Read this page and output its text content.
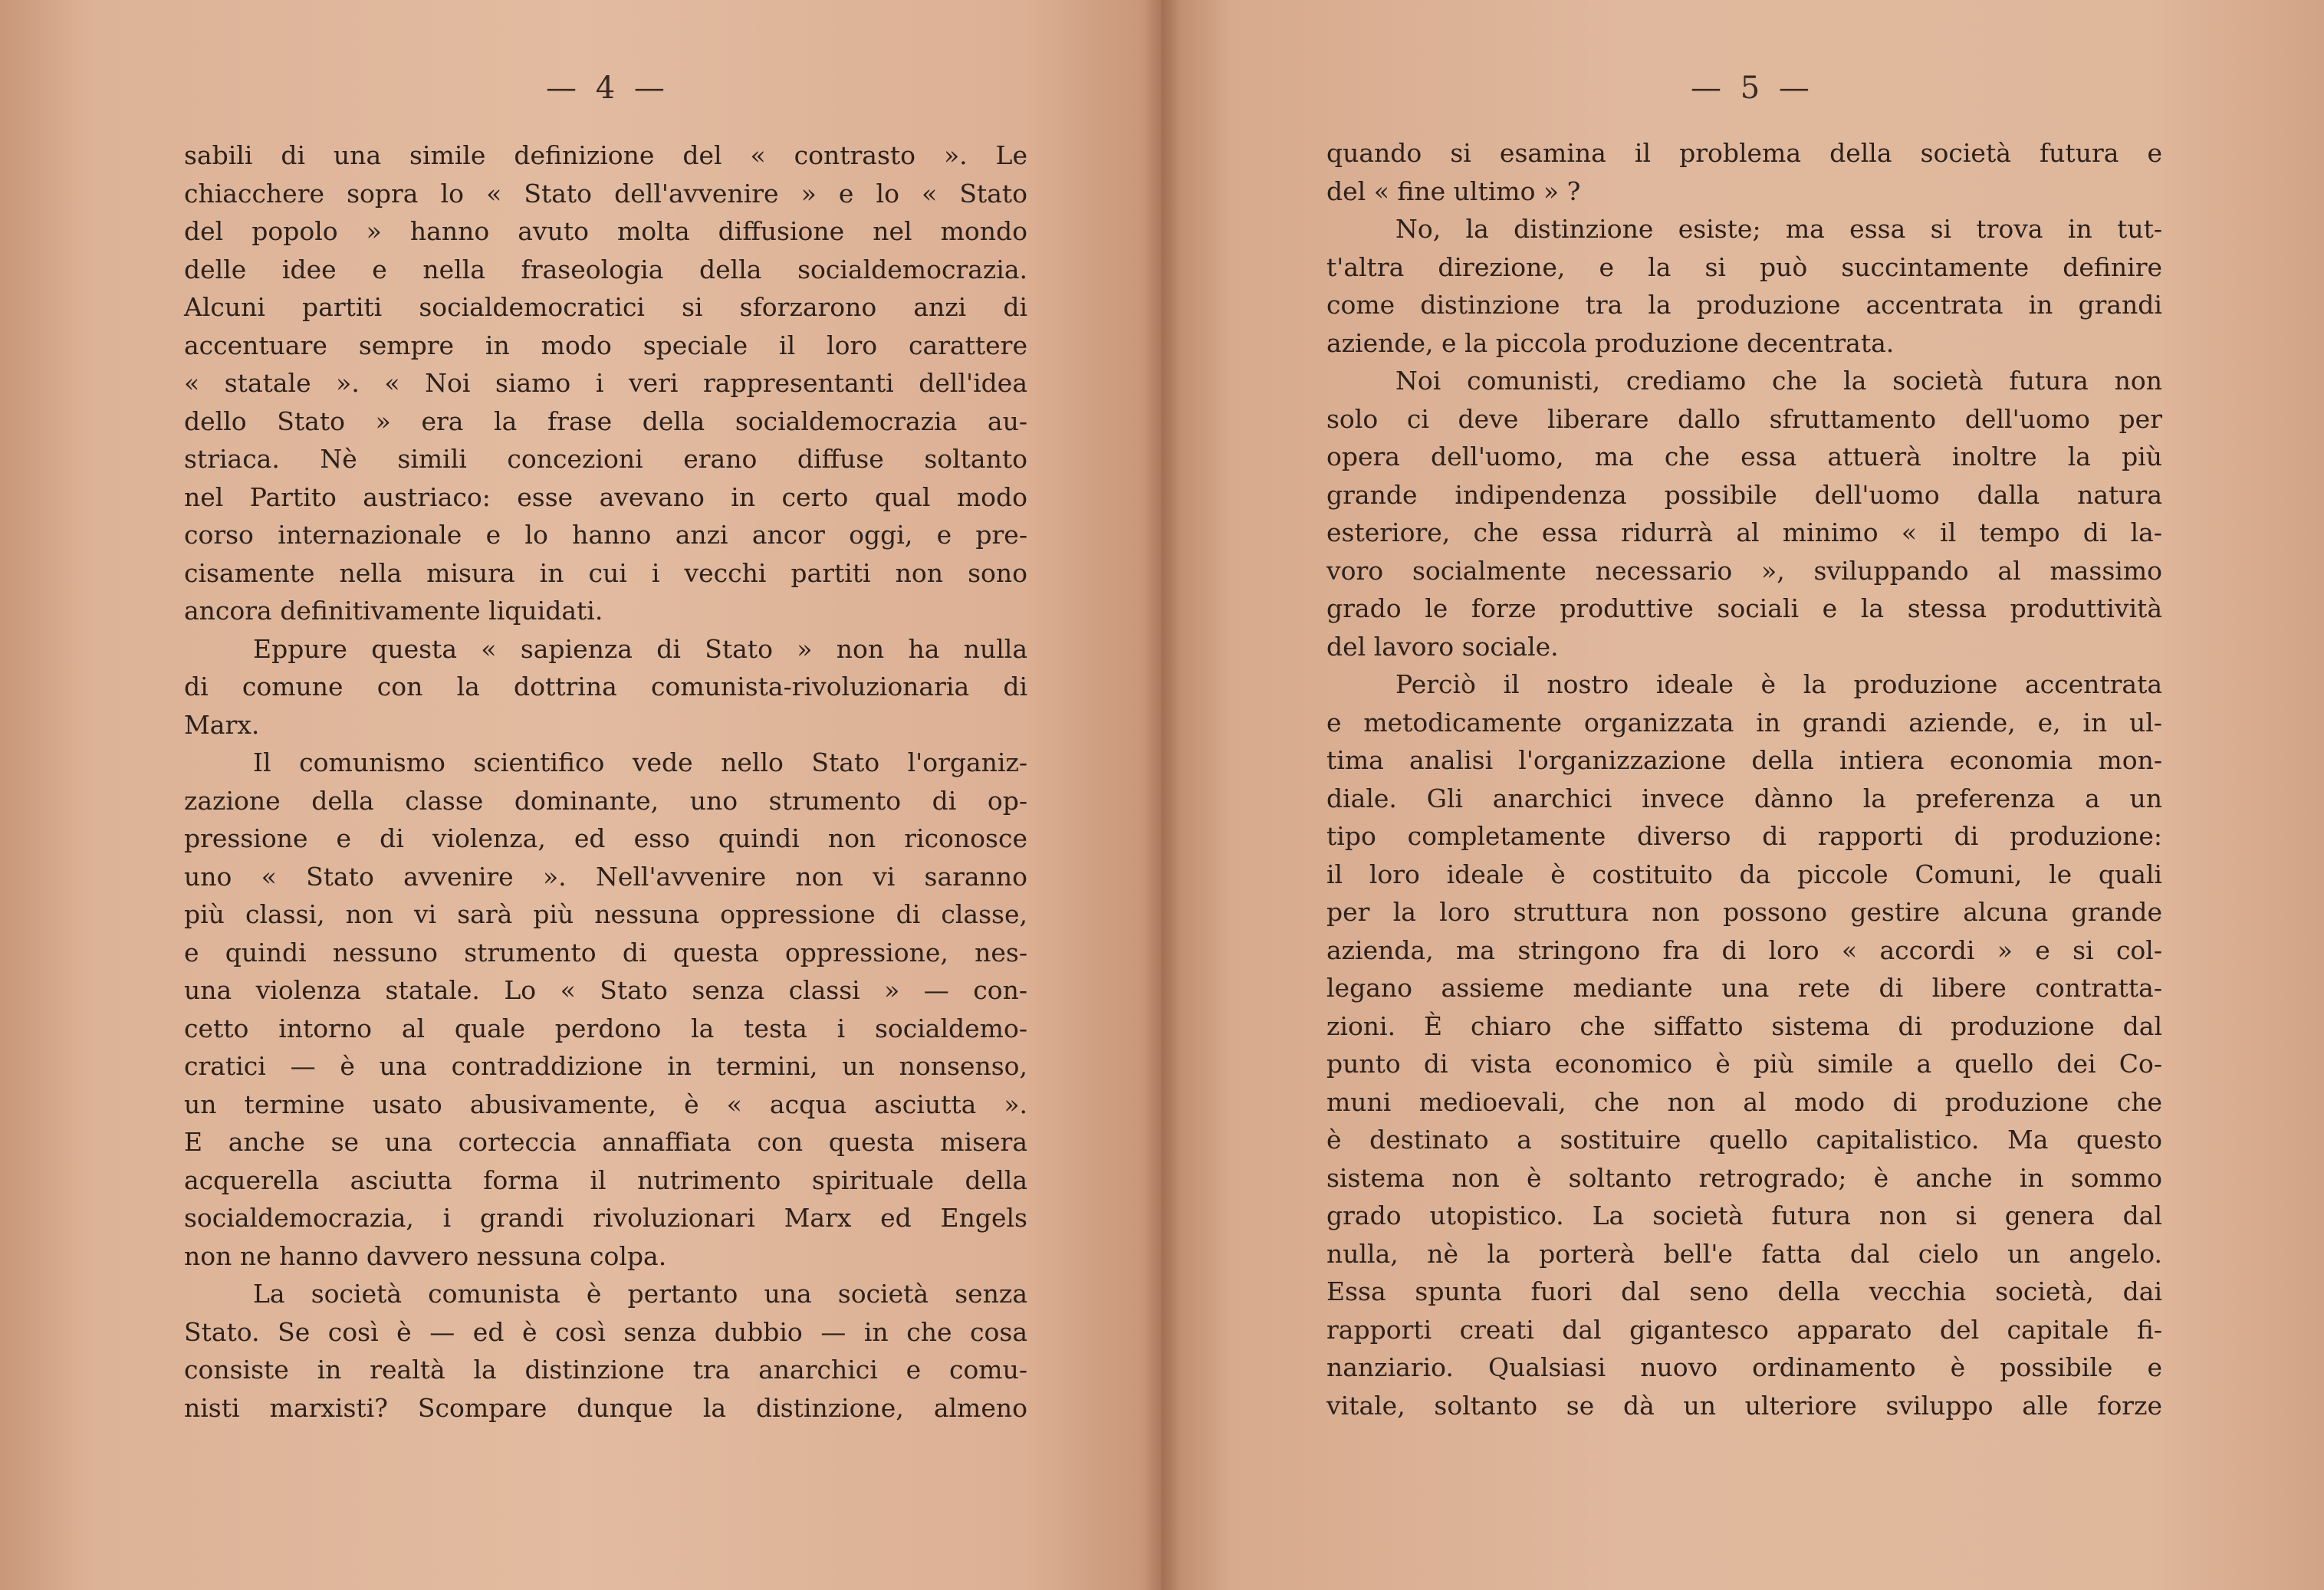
— 4 —
sabili di una simile definizione del « contrasto ». Le
chiacchere sopra lo « Stato dell'avvenire » e lo « Stato
del popolo » hanno avuto molta diffusione nel mondo
delle idee e nella fraseologia della socialdemocrazia.
Alcuni partiti socialdemocratici si sforzarono anzi di
accentuare sempre in modo speciale il loro carattere
« statale ». « Noi siamo i veri rappresentanti dell'idea
dello Stato » era la frase della socialdemocrazia au-
striaca. Nè simili concezioni erano diffuse soltanto
nel Partito austriaco: esse avevano in certo qual modo
corso internazionale e lo hanno anzi ancor oggi, e pre-
cisamente nella misura in cui i vecchi partiti non sono
ancora definitivamente liquidati.
Eppure questa « sapienza di Stato » non ha nulla
di comune con la dottrina comunista-rivoluzionaria di
Marx.
Il comunismo scientifico vede nello Stato l'organiz-
zazione della classe dominante, uno strumento di op-
pressione e di violenza, ed esso quindi non riconosce
uno « Stato avvenire ». Nell'avvenire non vi saranno
più classi, non vi sarà più nessuna oppressione di classe,
e quindi nessuno strumento di questa oppressione, nes-
una violenza statale. Lo « Stato senza classi » — con-
cetto intorno al quale perdono la testa i socialdemo-
cratici — è una contraddizione in termini, un nonsenso,
un termine usato abusivamente, è « acqua asciutta ».
E anche se una corteccia annaffiata con questa misera
acquerella asciutta forma il nutrimento spirituale della
socialdemocrazia, i grandi rivoluzionari Marx ed Engels
non ne hanno davvero nessuna colpa.
La società comunista è pertanto una società senza
Stato. Se così è — ed è così senza dubbio — in che cosa
consiste in realtà la distinzione tra anarchici e comu-
nisti marxisti? Scompare dunque la distinzione, almeno
— 5 —
quando si esamina il problema della società futura e
del « fine ultimo » ?
No, la distinzione esiste; ma essa si trova in tut-
t'altra direzione, e la si può succintamente definire
come distinzione tra la produzione accentrata in grandi
aziende, e la piccola produzione decentrata.
Noi comunisti, crediamo che la società futura non
solo ci deve liberare dallo sfruttamento dell'uomo per
opera dell'uomo, ma che essa attuerà inoltre la più
grande indipendenza possibile dell'uomo dalla natura
esteriore, che essa ridurrà al minimo « il tempo di la-
voro socialmente necessario », sviluppando al massimo
grado le forze produttive sociali e la stessa produttività
del lavoro sociale.
Perciò il nostro ideale è la produzione accentrata
e metodicamente organizzata in grandi aziende, e, in ul-
tima analisi l'organizzazione della intiera economia mon-
diale. Gli anarchici invece dànno la preferenza a un
tipo completamente diverso di rapporti di produzione:
il loro ideale è costituito da piccole Comuni, le quali
per la loro struttura non possono gestire alcuna grande
azienda, ma stringono fra di loro « accordi » e si col-
legano assieme mediante una rete di libere contratta-
zioni. È chiaro che siffatto sistema di produzione dal
punto di vista economico è più simile a quello dei Co-
muni medioevali, che non al modo di produzione che
è destinato a sostituire quello capitalistico. Ma questo
sistema non è soltanto retrogrado; è anche in sommo
grado utopistico. La società futura non si genera dal
nulla, nè la porterà bell'e fatta dal cielo un angelo.
Essa spunta fuori dal seno della vecchia società, dai
rapporti creati dal gigantesco apparato del capitale fi-
nanziario. Qualsiasi nuovo ordinamento è possibile e
vitale, soltanto se dà un ulteriore sviluppo alle forze
